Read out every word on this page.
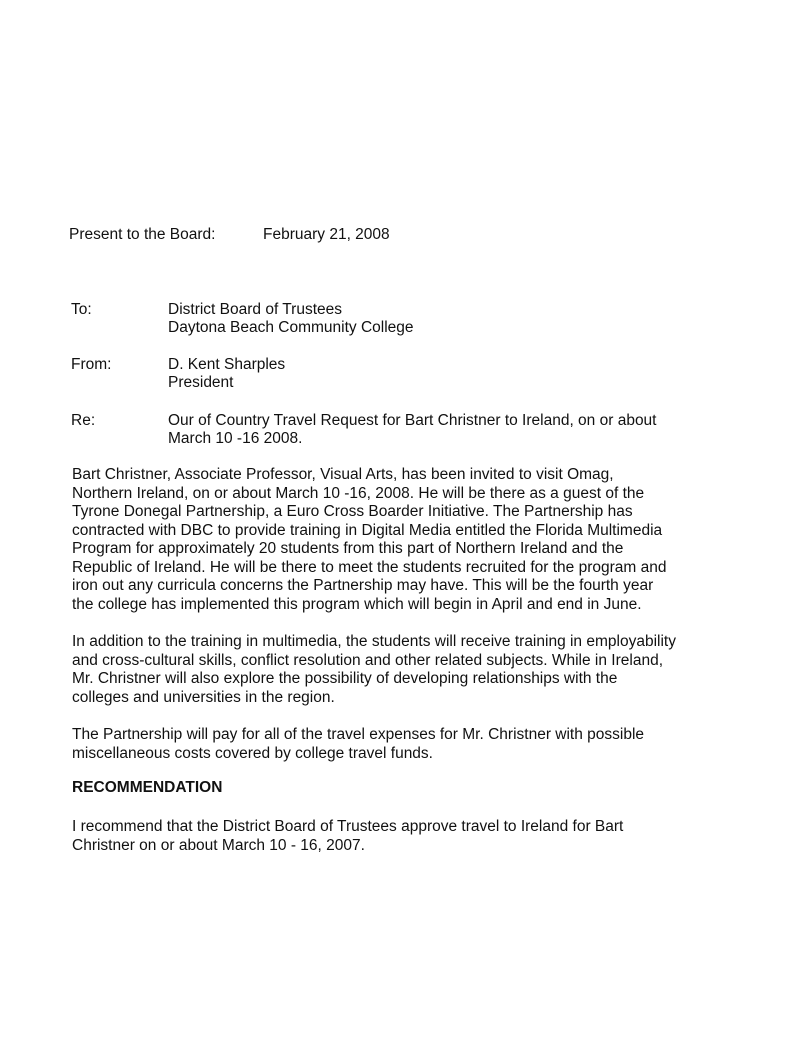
Present to the Board:	February 21, 2008
To:	District Board of Trustees
Daytona Beach Community College
From:	D. Kent Sharples
President
Re:	Our of Country Travel Request for Bart Christner to Ireland, on or about
March 10 -16 2008.
Bart Christner, Associate Professor, Visual Arts, has been invited to visit Omag,
Northern Ireland, on or about March 10 -16, 2008. He will be there as a guest of the
Tyrone Donegal Partnership, a Euro Cross Boarder Initiative. The Partnership has
contracted with DBC to provide training in Digital Media entitled the Florida Multimedia
Program for approximately 20 students from this part of Northern Ireland and the
Republic of Ireland. He will be there to meet the students recruited for the program and
iron out any curricula concerns the Partnership may have. This will be the fourth year
the college has implemented this program which will begin in April and end in June.
In addition to the training in multimedia, the students will receive training in employability
and cross-cultural skills, conflict resolution and other related subjects. While in Ireland,
Mr. Christner will also explore the possibility of developing relationships with the
colleges and universities in the region.
The Partnership will pay for all of the travel expenses for Mr. Christner with possible
miscellaneous costs covered by college travel funds.
RECOMMENDATION
I recommend that the District Board of Trustees approve travel to Ireland for Bart
Christner on or about March 10 - 16, 2007.
